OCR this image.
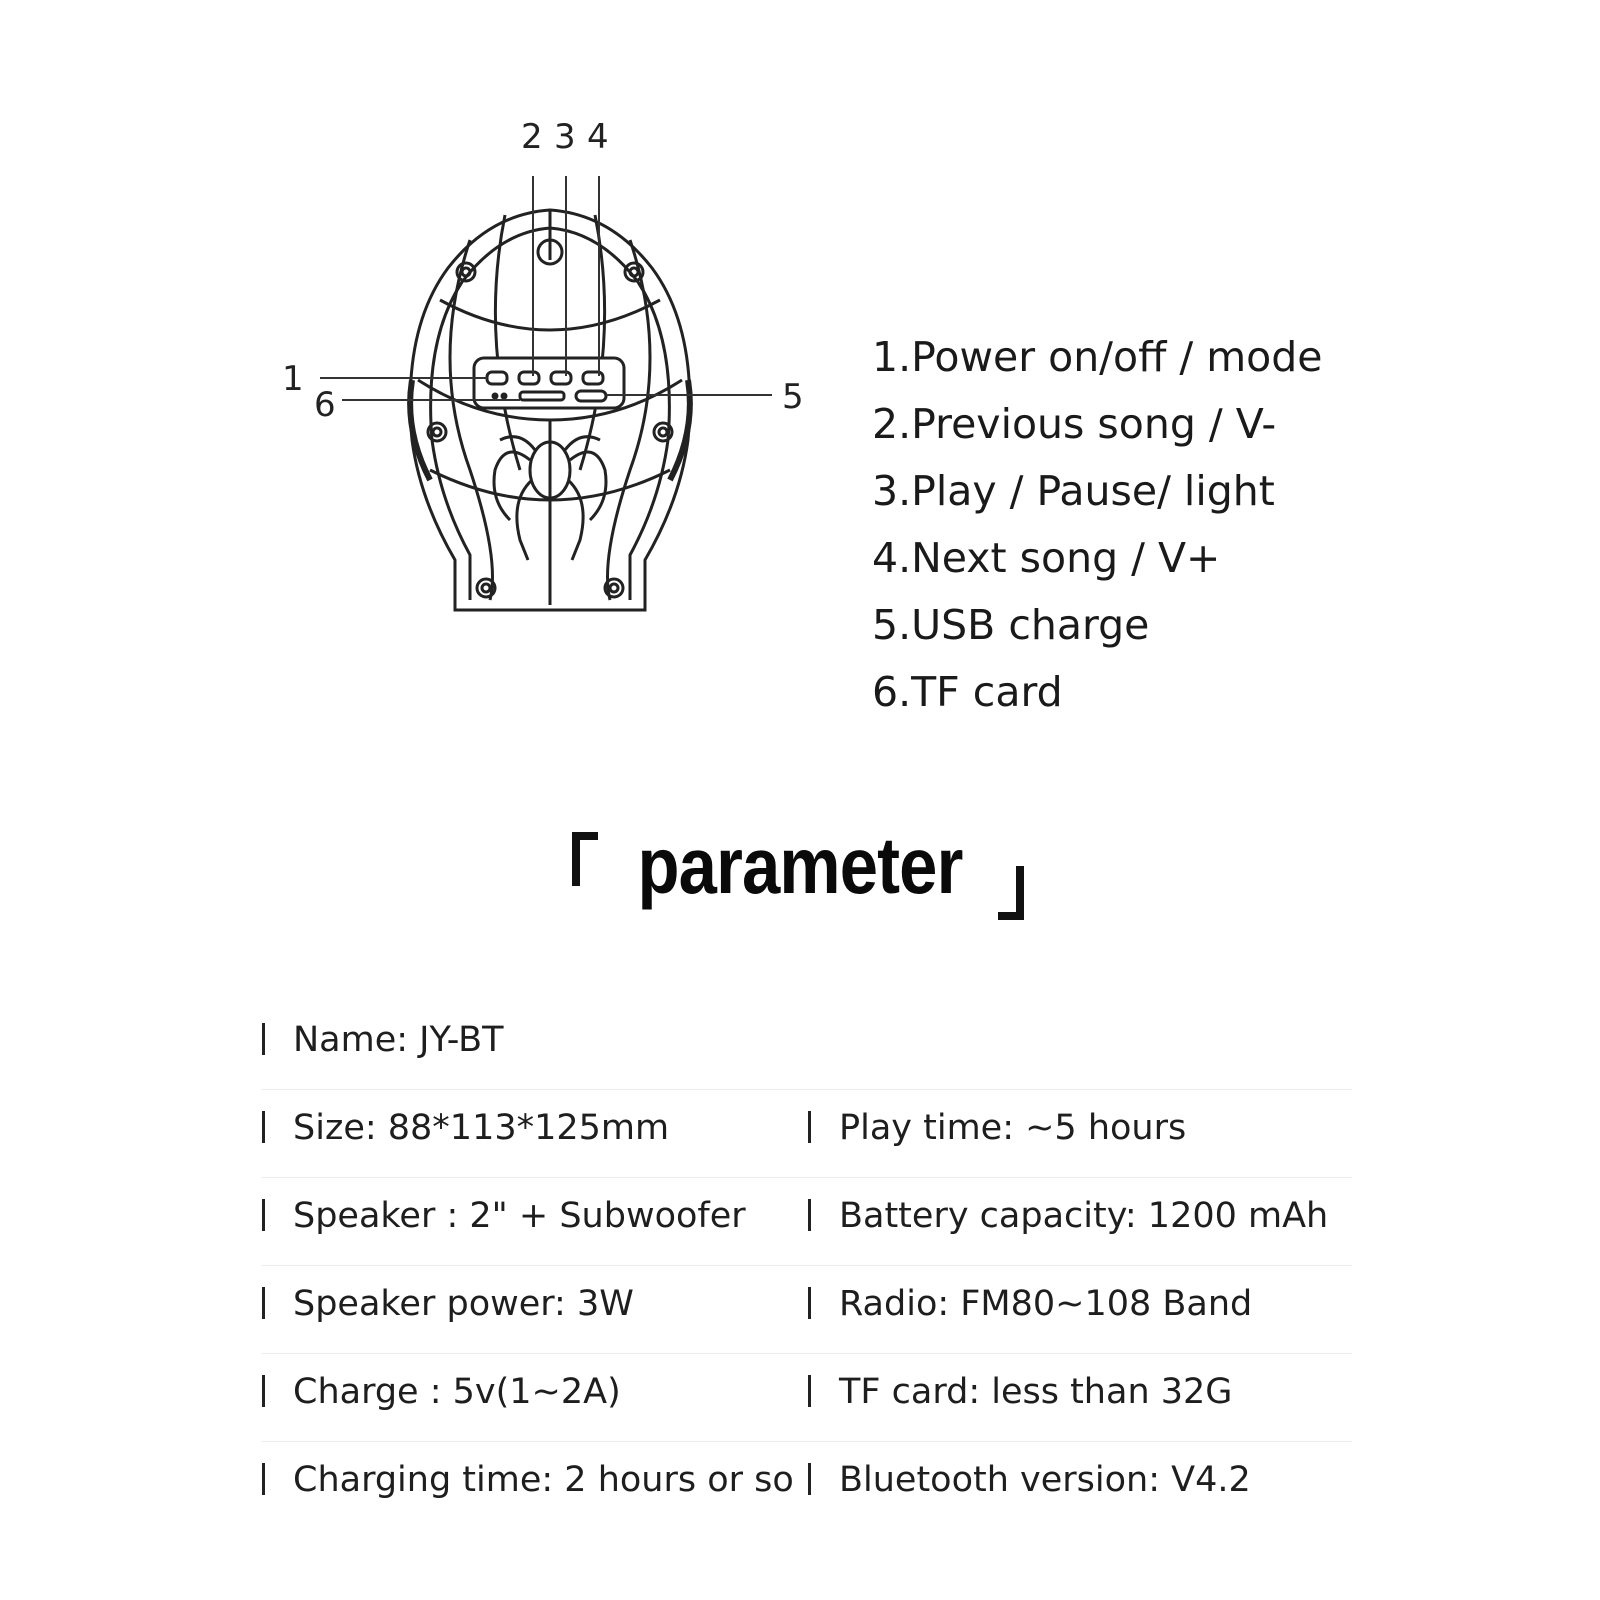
1
2 3 4
5
6
1.Power on/off / mode
2.Previous song / V-
3.Play / Pause/ light
4.Next song / V+
5.USB charge
6.TF card
parameter
Name: JY-BT
Size: 88*113*125mm	Play time: ~5 hours
Speaker : 2" + Subwoofer	Battery capacity: 1200 mAh
Speaker power: 3W	Radio: FM80~108 Band
Charge : 5v(1~2A)	TF card: less than 32G
Charging time: 2 hours or so	Bluetooth version: V4.2
